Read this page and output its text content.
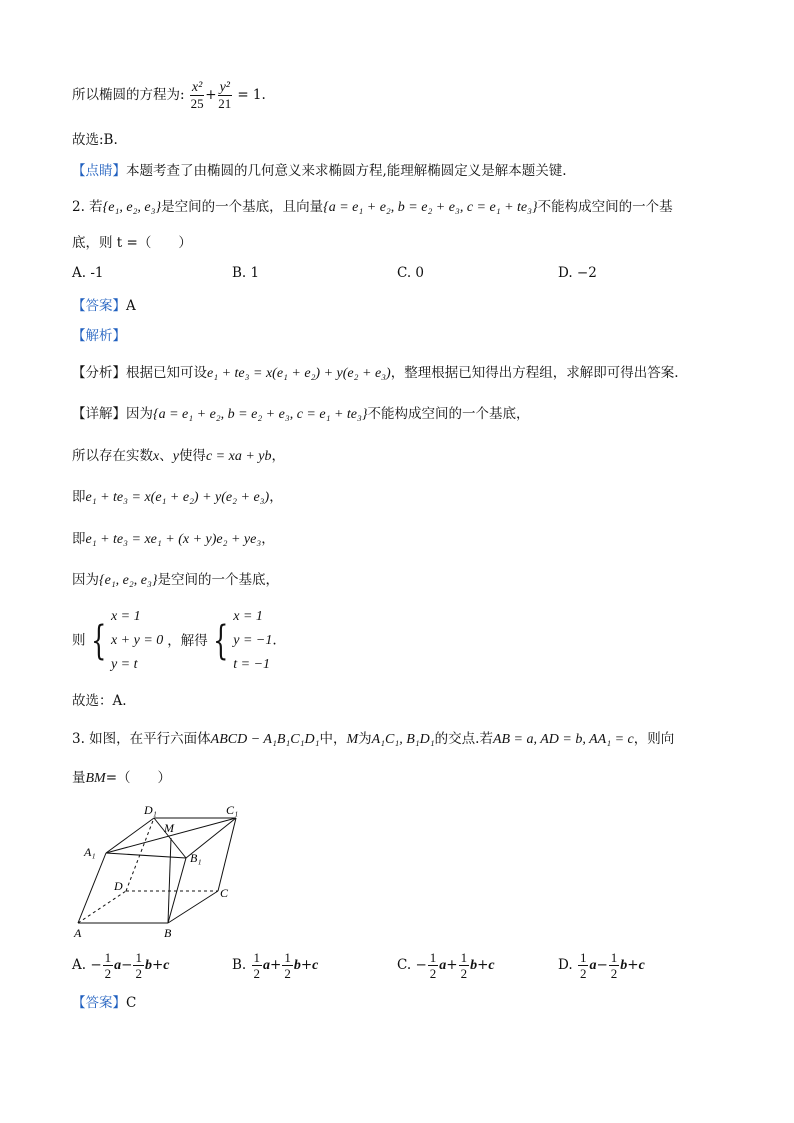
所以椭圆的方程为: $\frac{\text{x²}}{25} + \frac{\text{y²}}{21} = 1$.
故选:B.
【点睛】本题考查了由椭圆的几何意义来求椭圆方程,能理解椭圆定义是解本题关键.
2. 若{e₁, e₂, e₃}是空间的一个基底，且向量{a = e₁ + e₂, b = e₂ + e₃, c = e₁ + te₃}不能构成空间的一个基
底，则 t =（　　）
A. -1	B. 1	C. 0	D. −2
【答案】A
【解析】
【分析】根据已知可设e₁ + te₃ = x(e₁ + e₂) + y(e₂ + e₃)，整理根据已知得出方程组，求解即可得出答案.
【详解】因为{a = e₁ + e₂, b = e₂ + e₃, c = e₁ + te₃}不能构成空间的一个基底，
所以存在实数x、y使得c = xa + yb，
即e₁ + te₃ = x(e₁ + e₂) + y(e₂ + e₃)，
即e₁ + te₃ = xe₁ + (x + y)e₂ + ye₃，
因为{e₁, e₂, e₃}是空间的一个基底，
则 {
x = 1
x + y = 0
y = t
，解得 {
x = 1
y = −1
t = −1
.
故选：A.
3. 如图，在平行六面体ABCD − A₁B₁C₁D₁中，M为A₁C₁, B₁D₁的交点.若AB = a, AD = b, AA₁ = c，则向
量BM=（　　）
D₁	C₁
M
A₁	B₁
D	C
A	B
A. − $\frac{1}{2} a- \frac{1}{2} b+c$	B. $\frac{1}{2} a+ \frac{1}{2} b+c$	C. − $\frac{1}{2} a+ \frac{1}{2} b+c$	D. $\frac{1}{2} a- \frac{1}{2} b+c$
【答案】C
